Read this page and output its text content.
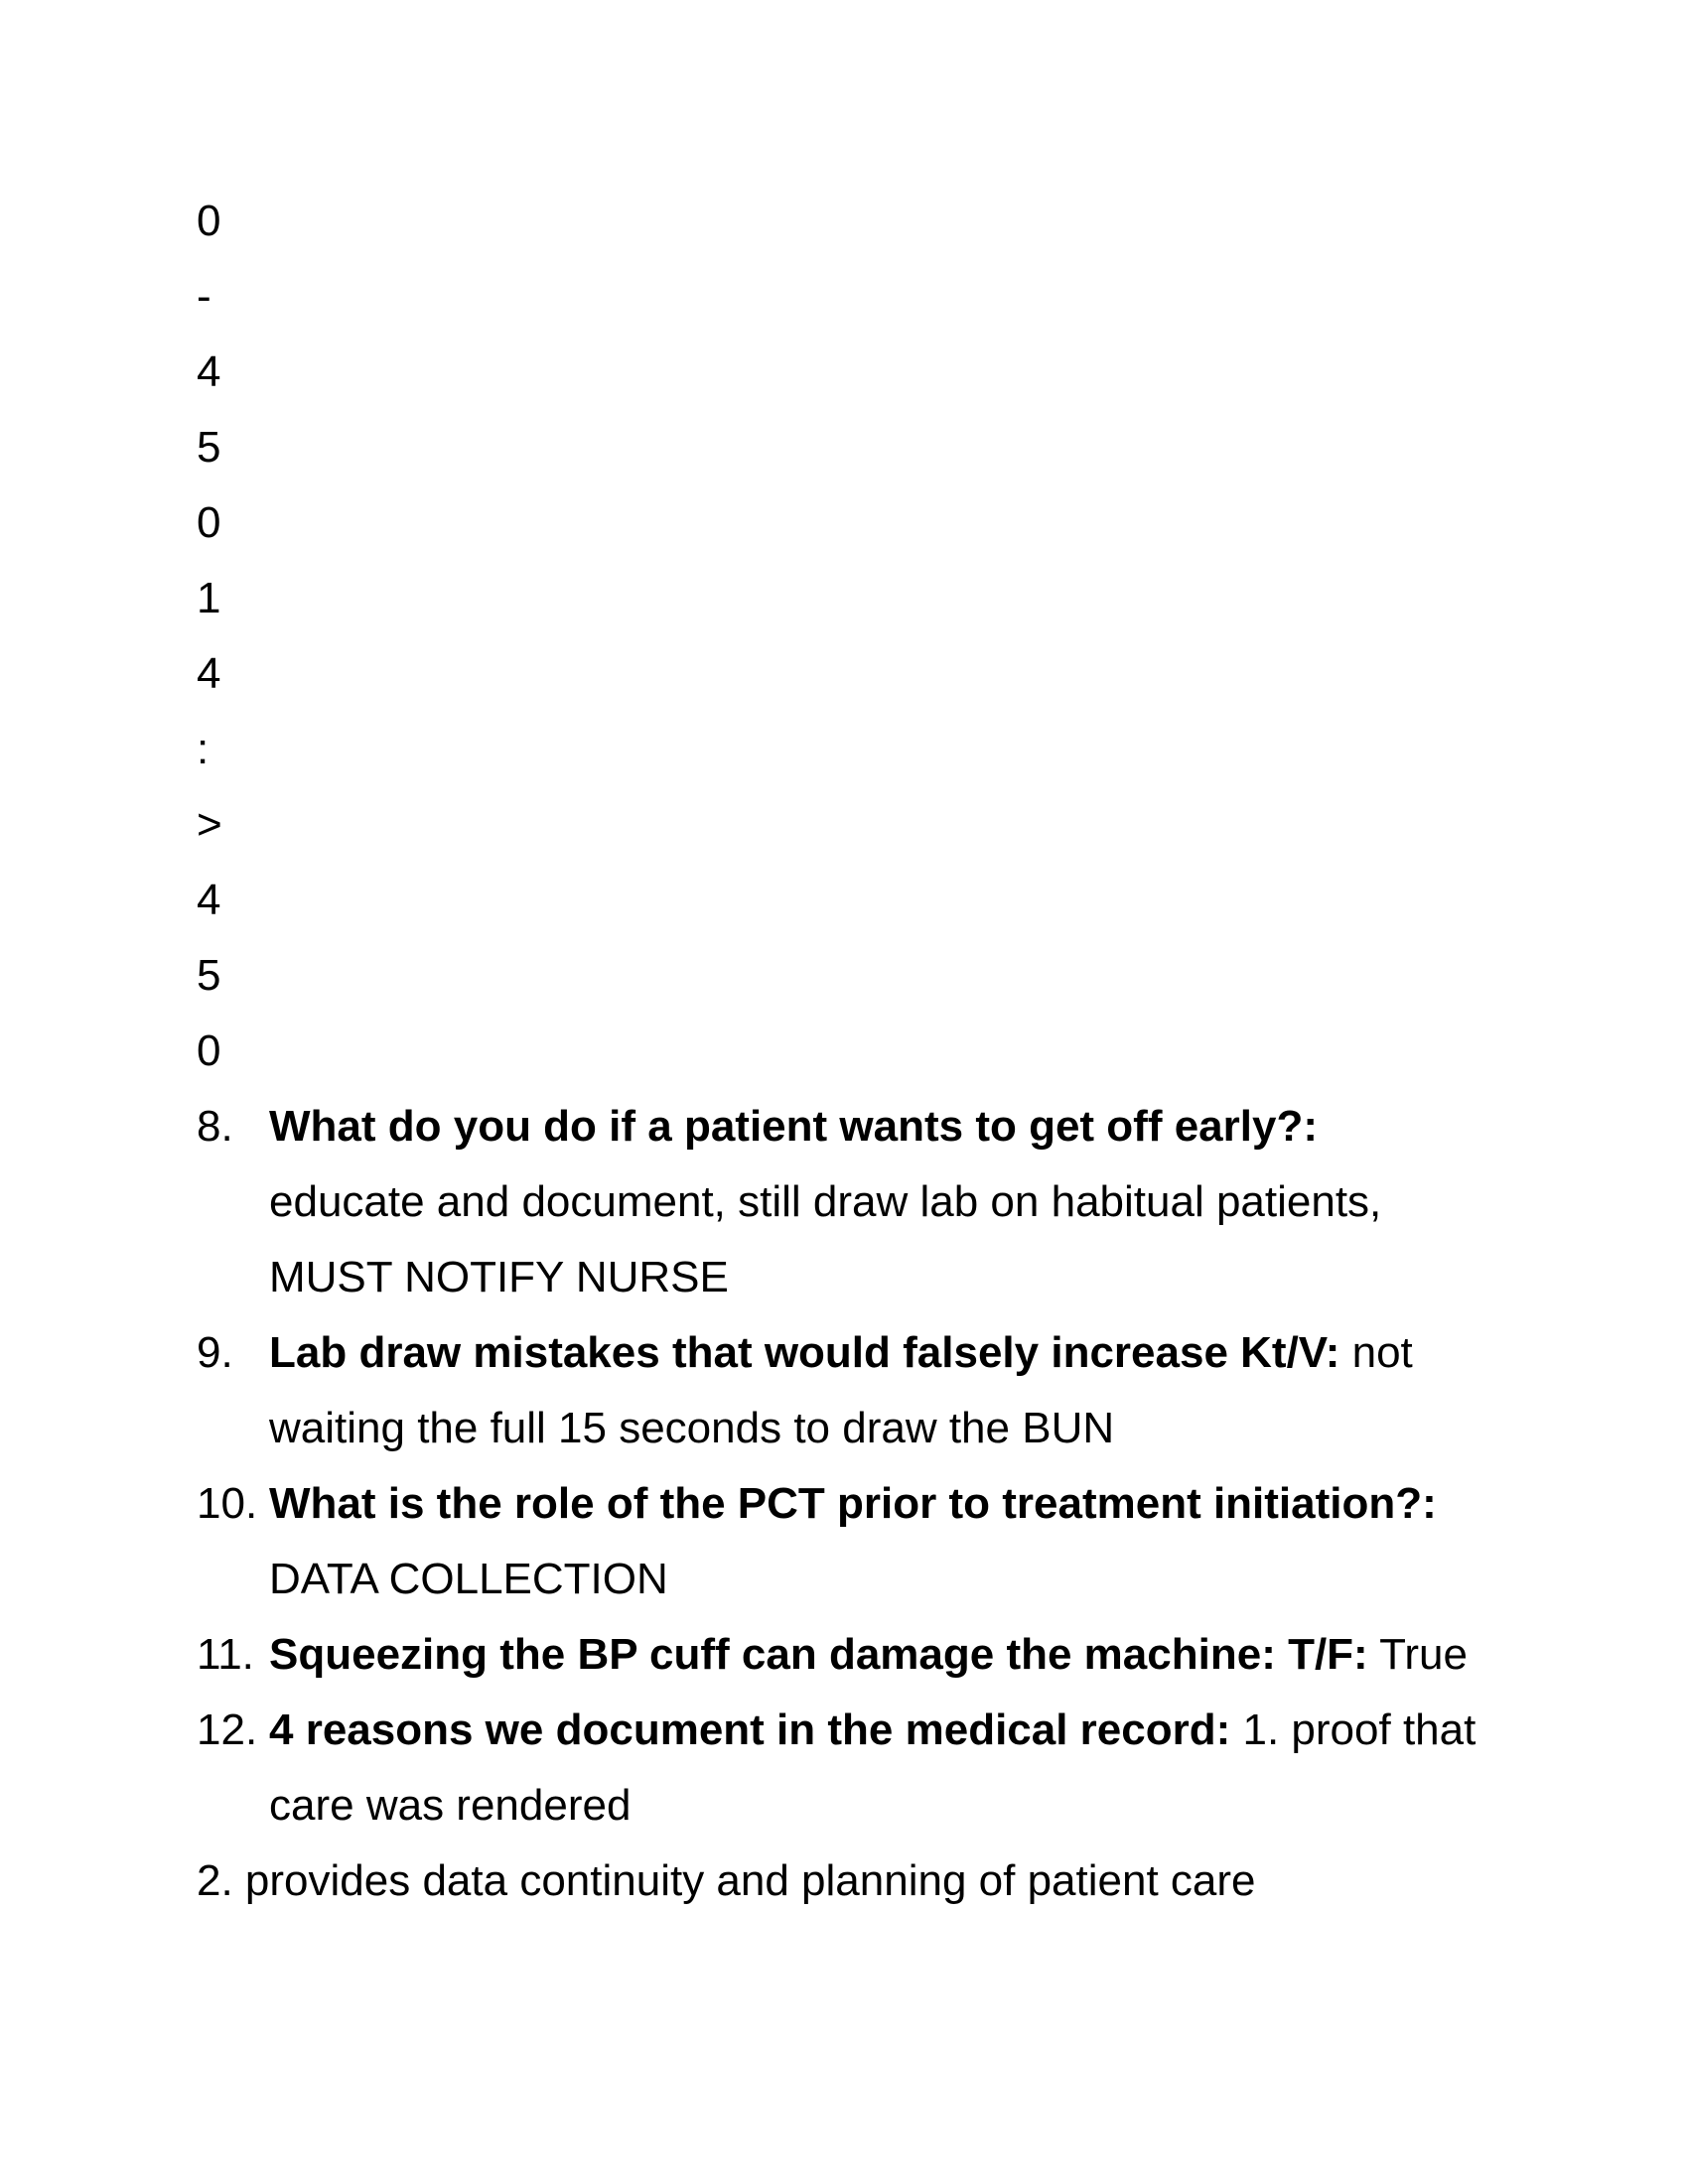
0
-
4
5
0
1
4
:
>
4
5
0
8. What do you do if a patient wants to get off early?:
educate and document, still draw lab on habitual patients,
MUST NOTIFY NURSE
9. Lab draw mistakes that would falsely increase Kt/V: not
waiting the full 15 seconds to draw the BUN
10. What is the role of the PCT prior to treatment initiation?:
DATA COLLECTION
11. Squeezing the BP cuff can damage the machine: T/F: True
12. 4 reasons we document in the medical record: 1. proof that
care was rendered
2. provides data continuity and planning of patient care
